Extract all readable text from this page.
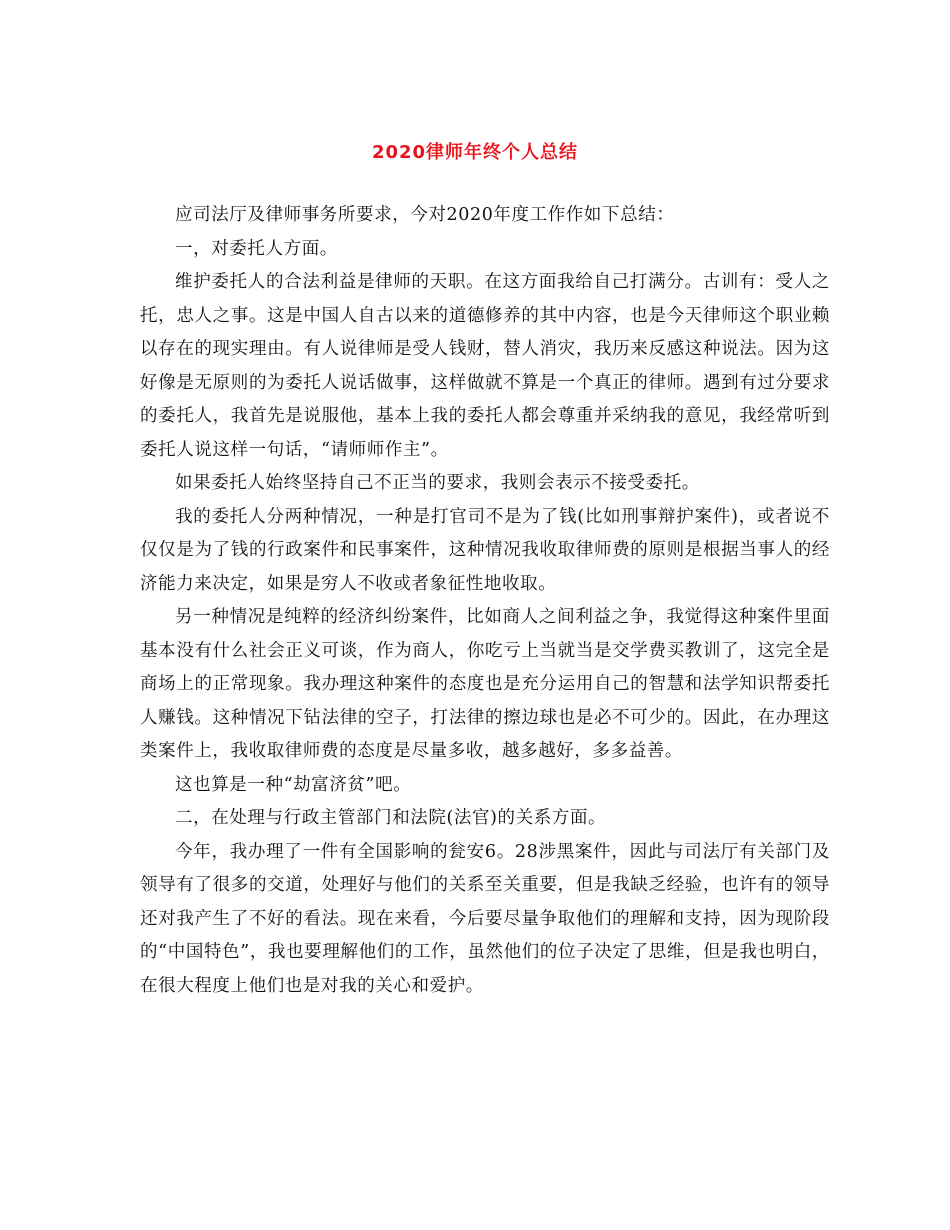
2020律师年终个人总结

应司法厅及律师事务所要求，今对2020年度工作作如下总结：

一，对委托人方面。

维护委托人的合法利益是律师的天职。在这方面我给自己打满分。古训有：受人之托，忠人之事。这是中国人自古以来的道德修养的其中内容，也是今天律师这个职业赖以存在的现实理由。有人说律师是受人钱财，替人消灾，我历来反感这种说法。因为这好像是无原则的为委托人说话做事，这样做就不算是一个真正的律师。遇到有过分要求的委托人，我首先是说服他，基本上我的委托人都会尊重并采纳我的意见，我经常听到委托人说这样一句话，“请师师作主”。

如果委托人始终坚持自己不正当的要求，我则会表示不接受委托。

我的委托人分两种情况，一种是打官司不是为了钱(比如刑事辩护案件)，或者说不仅仅是为了钱的行政案件和民事案件，这种情况我收取律师费的原则是根据当事人的经济能力来决定，如果是穷人不收或者象征性地收取。

另一种情况是纯粹的经济纠纷案件，比如商人之间利益之争，我觉得这种案件里面基本没有什么社会正义可谈，作为商人，你吃亏上当就当是交学费买教训了，这完全是商场上的正常现象。我办理这种案件的态度也是充分运用自己的智慧和法学知识帮委托人赚钱。这种情况下钻法律的空子，打法律的擦边球也是必不可少的。因此，在办理这类案件上，我收取律师费的态度是尽量多收，越多越好，多多益善。

这也算是一种“劫富济贫”吧。

二，在处理与行政主管部门和法院(法官)的关系方面。

今年，我办理了一件有全国影响的瓮安6。28涉黑案件，因此与司法厅有关部门及领导有了很多的交道，处理好与他们的关系至关重要，但是我缺乏经验，也许有的领导还对我产生了不好的看法。现在来看，今后要尽量争取他们的理解和支持，因为现阶段的“中国特色”，我也要理解他们的工作，虽然他们的位子决定了思维，但是我也明白，在很大程度上他们也是对我的关心和爱护。
